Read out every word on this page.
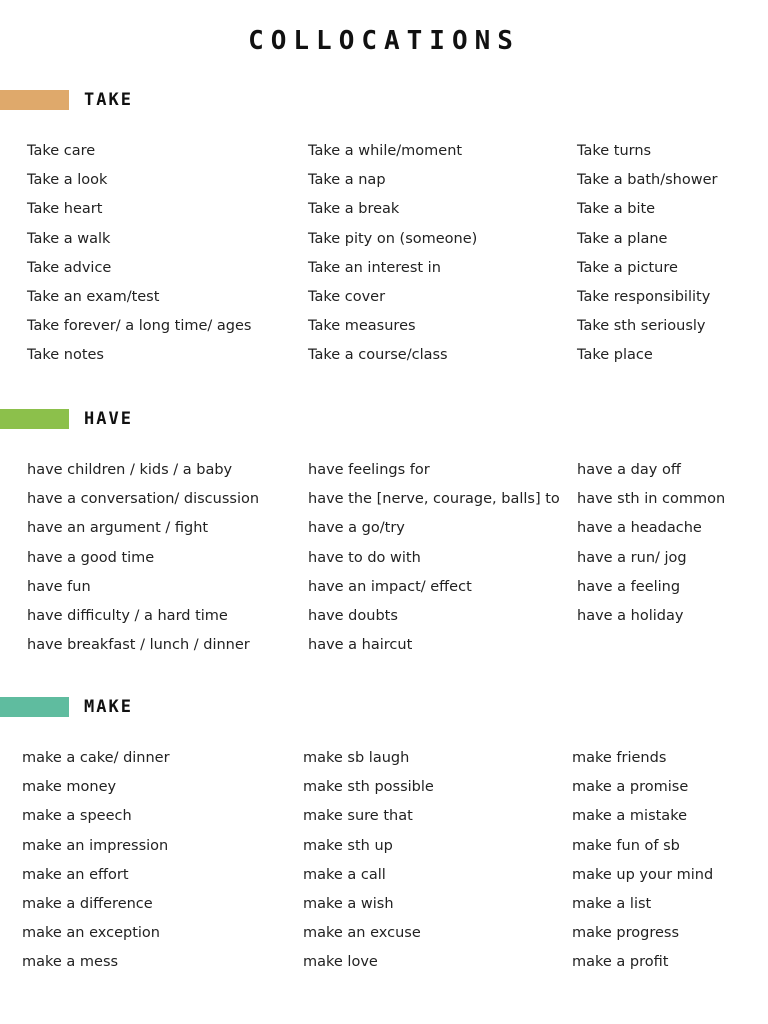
COLLOCATIONS
TAKE
Take care
Take a look
Take heart
Take a walk
Take advice
Take an exam/test
Take forever/ a long time/ ages
Take notes
Take a while/moment
Take a nap
Take a break
Take pity on (someone)
Take an interest in
Take cover
Take measures
Take a course/class
Take turns
Take a bath/shower
Take a bite
Take a plane
Take a picture
Take responsibility
Take sth seriously
Take place
HAVE
have children / kids / a baby
have a conversation/ discussion
have an argument / fight
have a good time
have fun
have difficulty / a hard time
have breakfast / lunch / dinner
have feelings for
have the [nerve, courage, balls] to
have a go/try
have to do with
have an impact/ effect
have doubts
have a haircut
have a day off
have sth in common
have a headache
have a run/ jog
have a feeling
have a holiday
MAKE
make a cake/ dinner
make money
make a speech
make an impression
make an effort
make a difference
make an exception
make a mess
make sb laugh
make sth possible
make sure that
make sth up
make a call
make a wish
make an excuse
make love
make friends
make a promise
make a mistake
make fun of sb
make up your mind
make a list
make progress
make a profit
